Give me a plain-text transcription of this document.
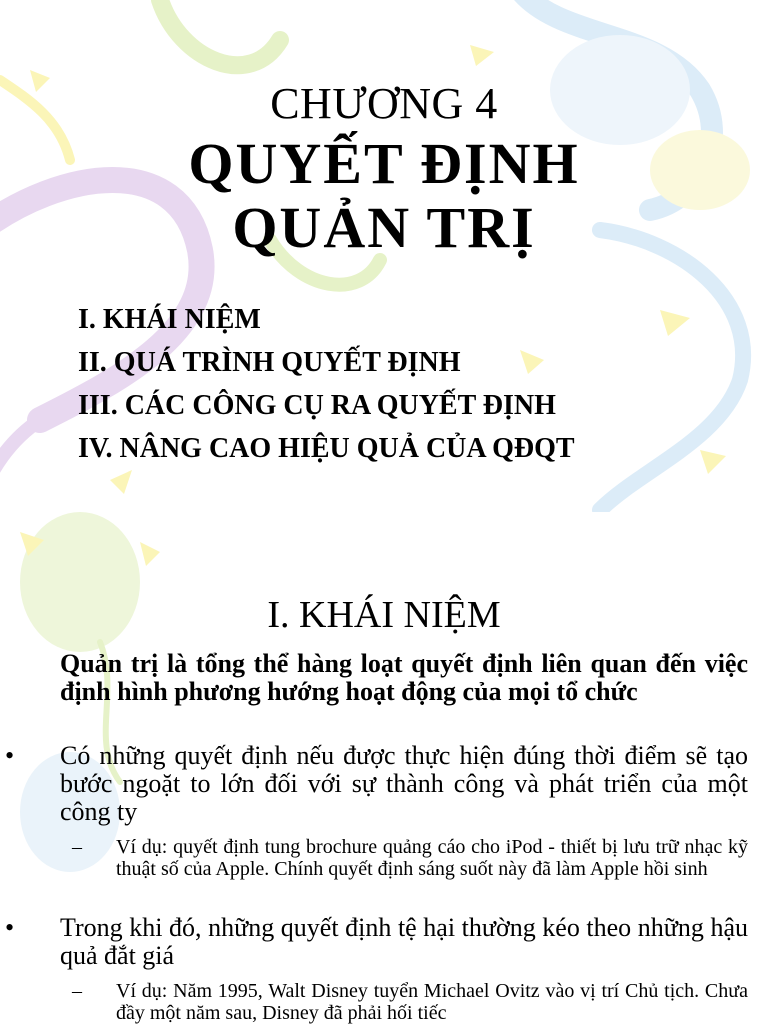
CHƯƠNG 4
QUYẾT ĐỊNH
QUẢN TRỊ
I. KHÁI NIỆM
II. QUÁ TRÌNH QUYẾT ĐỊNH
III. CÁC CÔNG CỤ RA QUYẾT ĐỊNH
IV. NÂNG CAO HIỆU QUẢ CỦA QĐQT
I. KHÁI NIỆM
Quản trị là tổng thể hàng loạt quyết định liên quan đến việc định hình phương hướng hoạt động của mọi tổ chức
• Có những quyết định nếu được thực hiện đúng thời điểm sẽ tạo bước ngoặt to lớn đối với sự thành công và phát triển của một công ty
– Ví dụ: quyết định tung brochure quảng cáo cho iPod - thiết bị lưu trữ nhạc kỹ thuật số của Apple. Chính quyết định sáng suốt này đã làm Apple hồi sinh
• Trong khi đó, những quyết định tệ hại thường kéo theo những hậu quả đắt giá
– Ví dụ: Năm 1995, Walt Disney tuyển Michael Ovitz vào vị trí Chủ tịch. Chưa đầy một năm sau, Disney đã phải hối tiếc
